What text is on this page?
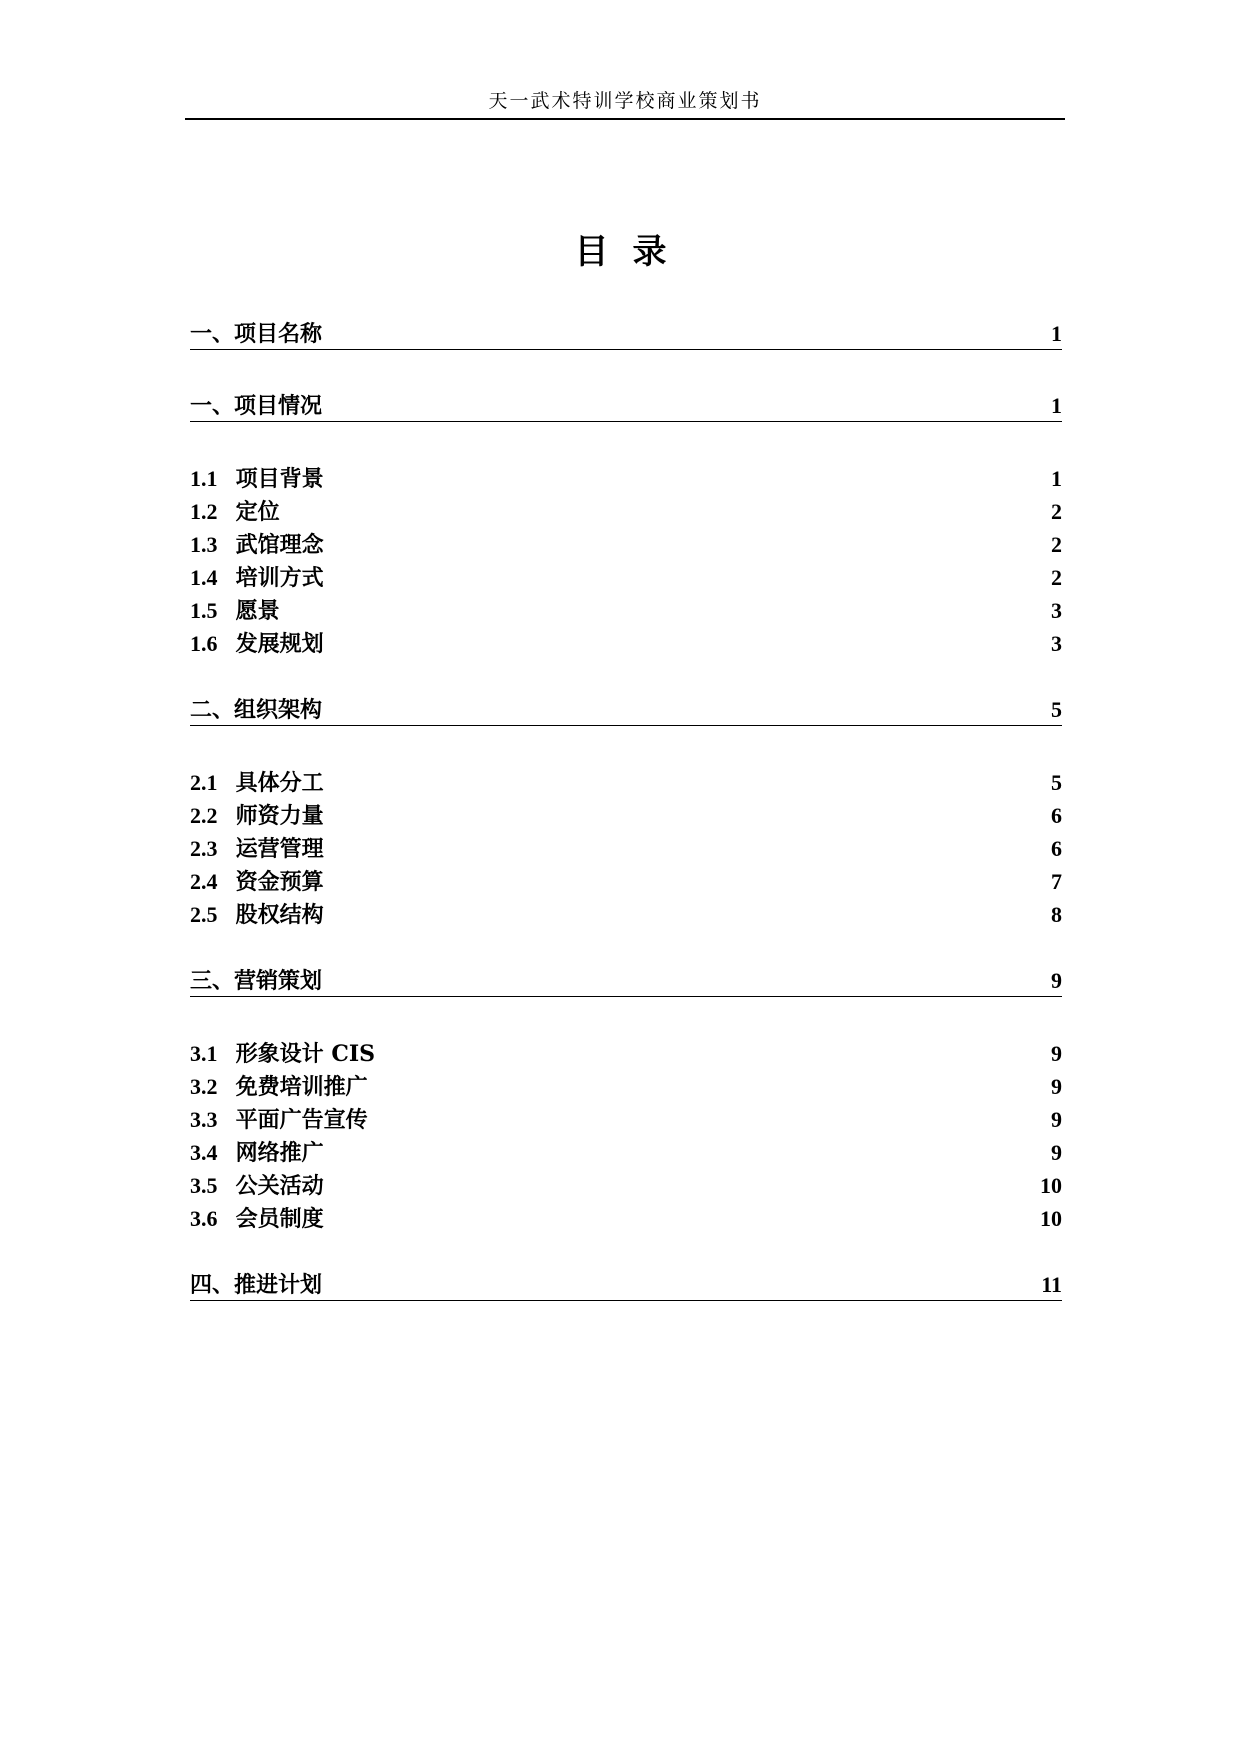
天一武术特训学校商业策划书
目录
一、项目名称	1
一、项目情况	1
1.1 项目背景	1
1.2 定位	2
1.3 武馆理念	2
1.4 培训方式	2
1.5 愿景	3
1.6 发展规划	3
二、组织架构	5
2.1 具体分工	5
2.2 师资力量	6
2.3 运营管理	6
2.4 资金预算	7
2.5 股权结构	8
三、营销策划	9
3.1 形象设计 CIS	9
3.2 免费培训推广	9
3.3 平面广告宣传	9
3.4 网络推广	9
3.5 公关活动	10
3.6 会员制度	10
四、推进计划	11
